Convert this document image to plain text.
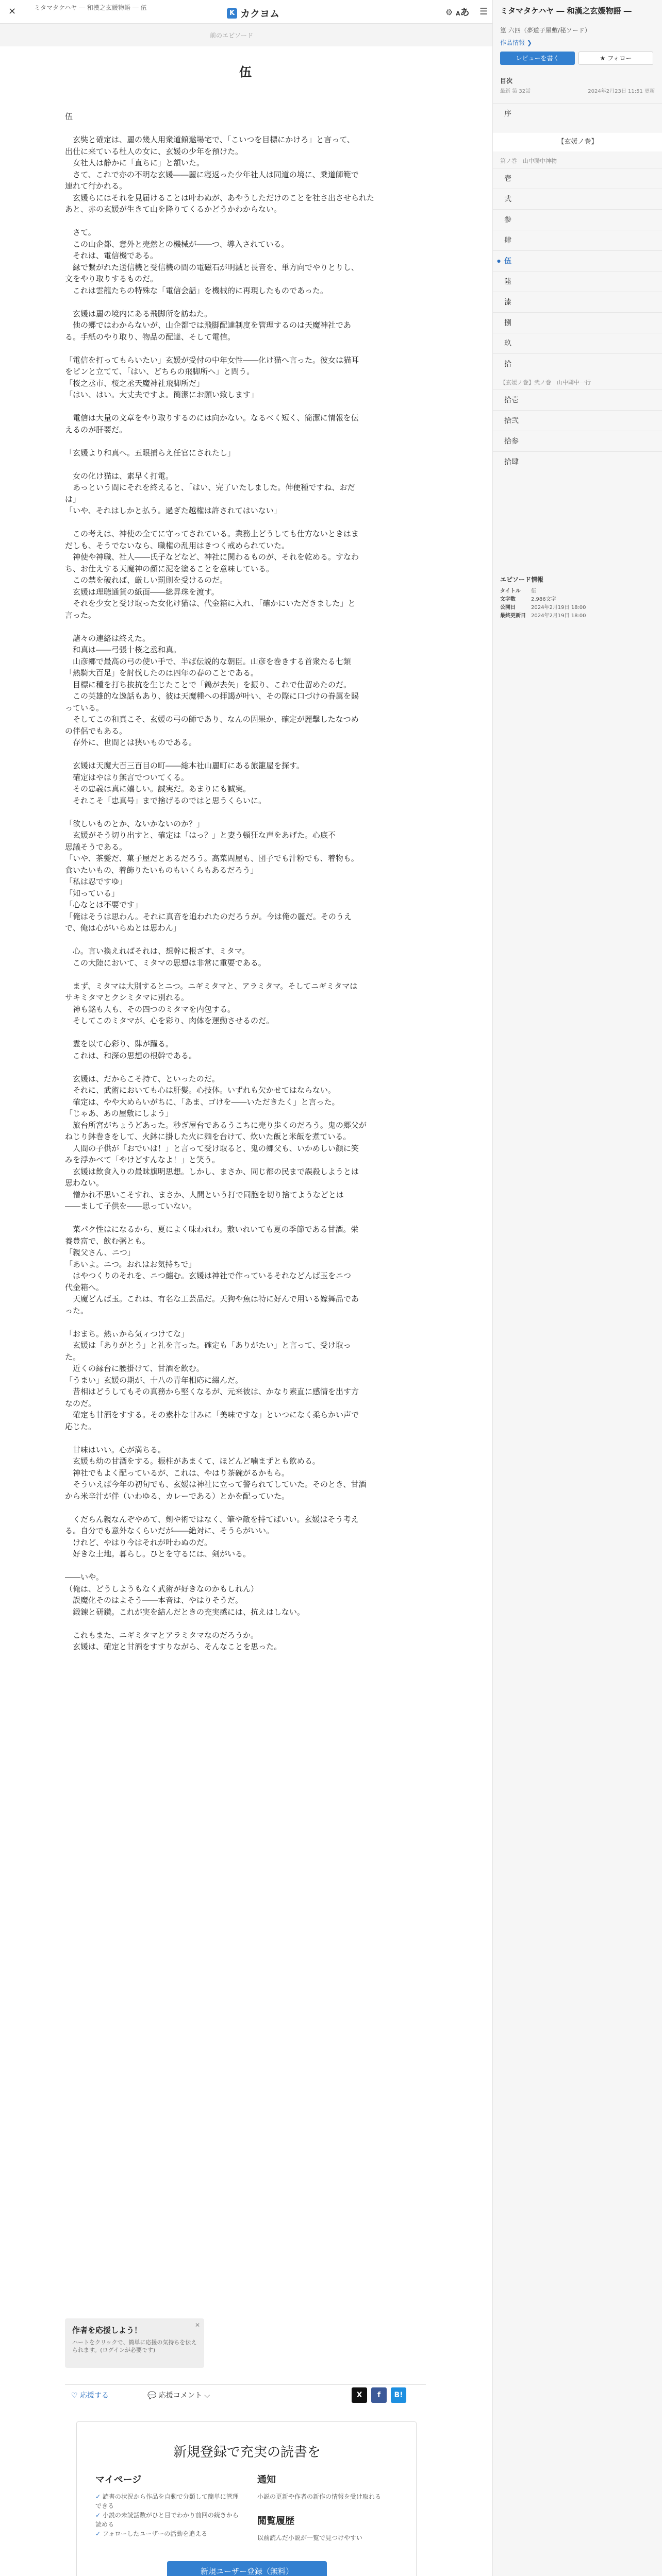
✕	ミタマタケハヤ ― 和漢之玄媛物語 ― 伍
K カクヨム	⚙ Aあ ☰
前のエピソード
ミタマタケハヤ ― 和漢之玄媛物語 ―
篁 六四（夢道子屋敷/秘ソード）
作品情報 ❯
レビューを書く	★ フォロー
目次
最新 第 32話	2024年2月23日 11:51 更新
序
【玄媛ノ巻】
第ノ巻　山中聯中神物
壱
弐
参
肆
● 伍
陸
漆
捌
玖
拾
【玄媛ノ巻】弐ノ巻　山中聯中一行
拾壱
拾弐
拾参
拾肆
エピソード情報
タイトル 伍
文字数	2,986文字
公開日	2024年2月19日 18:00
最終更新日 2024年2月19日 18:00
伍

伍

　玄奘と確定は、麗の幾人用衆道館邀場宅で、「こいつを目標にかけろ」と言って、

出仕に来ている杜人の女に、玄媛の少年を預けた。

　女社人は静かに「直ちに」と頷いた。

　さて、これで亦の不明な玄媛――麗に寝返った少年社人は同道の境に、乗道師範で

連れて行かれる。

　玄媛らにはそれを見届けることは叶わぬが、あやうしただけのことを社さ出させられた

あと、赤の玄媛が生きて山を降りてくるかどうかわからない。

　さて。

　この山企都、意外と売然との機械が――つ、導入されている。

　それは、電信機である。

　縁で繋がれた送信機と受信機の間の電磁石が明滅と長音を、単方向でやりとりし、

文をやり取りするものだ。

　これは雲龍たちの特殊な「電信会話」を機械的に再現したものであった。

　玄媛は麗の境内にある飛脚所を訪ねた。

　他の郷ではわからないが、山企都では飛脚配達制度を管理するのは天魔神社であ

る。手紙のやり取り、物品の配達、そして電信。

「電信を打ってもらいたい」玄媛が受付の中年女性――化け猫へ言った。彼女は猫耳

をピンと立てて、「はい、どちらの飛脚所へ」と問う。

「桜之丞市、桜之丞天魔神社飛脚所だ」

「はい、はい。大丈夫ですよ。簡潔にお願い致します」

　電信は大量の文章をやり取りするのには向かない。なるべく短く、簡潔に情報を伝

えるのが肝要だ。

「玄媛より和真へ。五眼捕らえ任官にされたし」

　女の化け猫は、素早く打電。

　あっという間にそれを終えると、「はい、完了いたしました。伸便種ですね、おだ

は」

「いや、それはしかと払う。過ぎた越権は許されてはいない」

　この考えは、神使の全てに守ってされている。業務上どうしても仕方ないときはま

だしも、そうでないなら、職権の乱用はきつく戒められていた。

　神使や神職、社人――氏子などなど、神社に関わるものが、それを乾める。すなわ

ち、お仕えする天魔神の顔に泥を塗ることを意味している。

　この禁を破れば、厳しい罰則を受けるのだ。

　玄媛は理聴通貨の紙面――総昇珠を渡す。

　それを少女と受け取った女化け猫は、代金箱に入れ、「確かにいただきました」と

言った。

　諸々の連絡は終えた。

　和真は――弓張十桜之丞和真。

　山彦郷で最高の弓の使い手で、半ば伝説的な朝臣。山彦を巻きする首衆たる七類

「熱騎大百足」を討伐したのは四年の春のことである。

　目標に種を打ち抜抗を生じたことで「鶴が去矢」を振り、これで仕留めたのだ。

　この英雄的な逸話もあり、彼は天魔種への拝謁が叶い、その際に口づけの眷属を賜

っている。

　そしてこの和真こそ、玄媛の弓の師であり、なんの因果か、確定が麗擊したなつめ

の伴侶でもある。

　存外に、世間とは狭いものである。

　玄媛は天魔大百三百目の町――総本社山麗町にある旅籠屋を探す。

　確定はやはり無言でついてくる。

　その忠義は真に嬉しい。誠実だ。あまりにも誠実。

　それこそ「忠真号」まで捨げるのではと思うくらいに。

「欲しいものとか、ないかないのか？」

　玄媛がそう切り出すと、確定は「はっ？」と妻う頓狂な声をあげた。心底不

思議そうである。

「いや、茶髪だ、菓子屋だとあるだろう。高菜問屋も、団子でも汁粉でも、着物も。

食いたいもの、着飾りたいものもいくらもあるだろう」

「私は忍ですゆ」

「知っている」

「心なとは不要です」

「俺はそうは思わん。それに真音を追われたのだろうが。今は俺の麗だ。そのうえ

で、俺は心がいらぬとは思わん」

　心。言い換えればそれは、想幹に根ざす、ミタマ。

　この大陸において、ミタマの思想は非常に重要である。

　まず、ミタマは大別するとニつ。ニギミタマと、アラミタマ。そしてニギミタマは

サキミタマとクシミタマに別れる。

　神も銘も人も、その四つのミタマを内包する。

　そしてこのミタマが、心を彩り、肉体を運動させるのだ。

　霊を以て心彩り、肆が躍る。

　これは、和深の思想の根幹である。

　玄媛は、だからこそ持て、といったのだ。

　それに、武術においても心は肝髪。心技体。いずれも欠かせてはならない。

　確定は、やや大めらいがちに、「あま、ゴけを――いただきたく」と言った。

「じゃあ、あの屋敷にしよう」

　旅台所宮がちょうどあった。秒ぎ屋台であるうこちに売り歩くのだろう。鬼の郷父が

ねじり鉢巻きをして、火鉢に掛した火に麺を台けて、炊いた飯と米飯を煮ている。

　人間の子供が「おでいは！」と言って受け取ると、鬼の郷父も、いかめしい顔に笑

みを浮かべて「やけどすんなよ！」と笑う。

　玄媛は飲食入りの最昧旗明思想。しかし、まさか、同じ都の民まで誤殺しようとは

思わない。

　憎かれ不思いこそすれ、まさか、人間という打で同胞を切り捨てようなどとは

――まして子供を――思っていない。

　菜パク性はになるから、夏によく味われわ。敷いれいても夏の季節である甘酒。栄

養豊富で、飲む粥とも。

「親父さん、ニつ」

「あいよ。ニつ。おれはお気持ちで」

　はやつくりのそれを、ニつ纏む。玄媛は神社で作っているそれなどんば玉をニつ

代金箱へ。

　天魔どんば玉。これは、有名な工芸品だ。天狗や魚は特に好んで用いる嫁舞品であ

った。

「おまち。熱ぃから気ィつけてな」

　玄媛は「ありがとう」と礼を言った。確定も「ありがたい」と言って、受け取っ

た。

　近くの縁台に腰掛けて、甘酒を飲む。

「うまい」玄媛の期が、十八の青年相応に綴んだ。

　昔相はどうしてもその真務から堅くなるが、元来彼は、かなり素直に感情を出す方

なのだ。

　確定も甘酒をすする。その素朴な甘みに「美味ですな」といつになく柔らかい声で

応じた。

　甘味はいい。心が満ちる。

　玄媛も幼の甘酒をする。振柱があまくて、ほどんど噛まずとも飲める。

　神社でもよく配っているが、これは、やはり茶碗がるかもら。

　そういえば今年の初旬でも、玄媛は神社に立って警られてしていた。そのとき、甘酒

から米辛汁が伴（いわゆる、カレーである）とかを配っていた。

　くだらん親なんぞやめて、剣や術ではなく、筆や敵を持てばいい。玄媛はそう考え

る。自分でも意外なくらいだが――絶対に、そうらがいい。

　けれど、やはり今はそれが叶わぬのだ。

　好きな土地。暮らし。ひとを守るには、剣がいる。

――いや。

（俺は、どうしようもなく武術が好きなのかもしれん）

　誤魔化そのはよそう――本音は、やはりそうだ。

　鍛錬と研鑽。これが実を結んだときの充実感には、抗えはしない。

　これもまた、ニギミタマとアラミタマなのだろうか。

　玄媛は、確定と甘酒をすすりながら、そんなことを思った。

✕
作者を応援しよう！
ハートをクリックで、簡単に応援の気持ちを伝えられます。(ログインが必要です)
♡ 応援する	💬 応援コメント ⌵	X	f	B!
新規登録で充実の読書を
マイページ
✓ 読書の状況から作品を自動で分類して簡単に管理できる
✓ 小説の未読話数がひと目でわかり前回の続きから読める
✓ フォローしたユーザーの活動を追える
通知
小説の更新や作者の新作の情報を受け取れる
閲覧履歴
以前読んだ小説が一覧で見つけやすい
新規ユーザー登録（無料）
